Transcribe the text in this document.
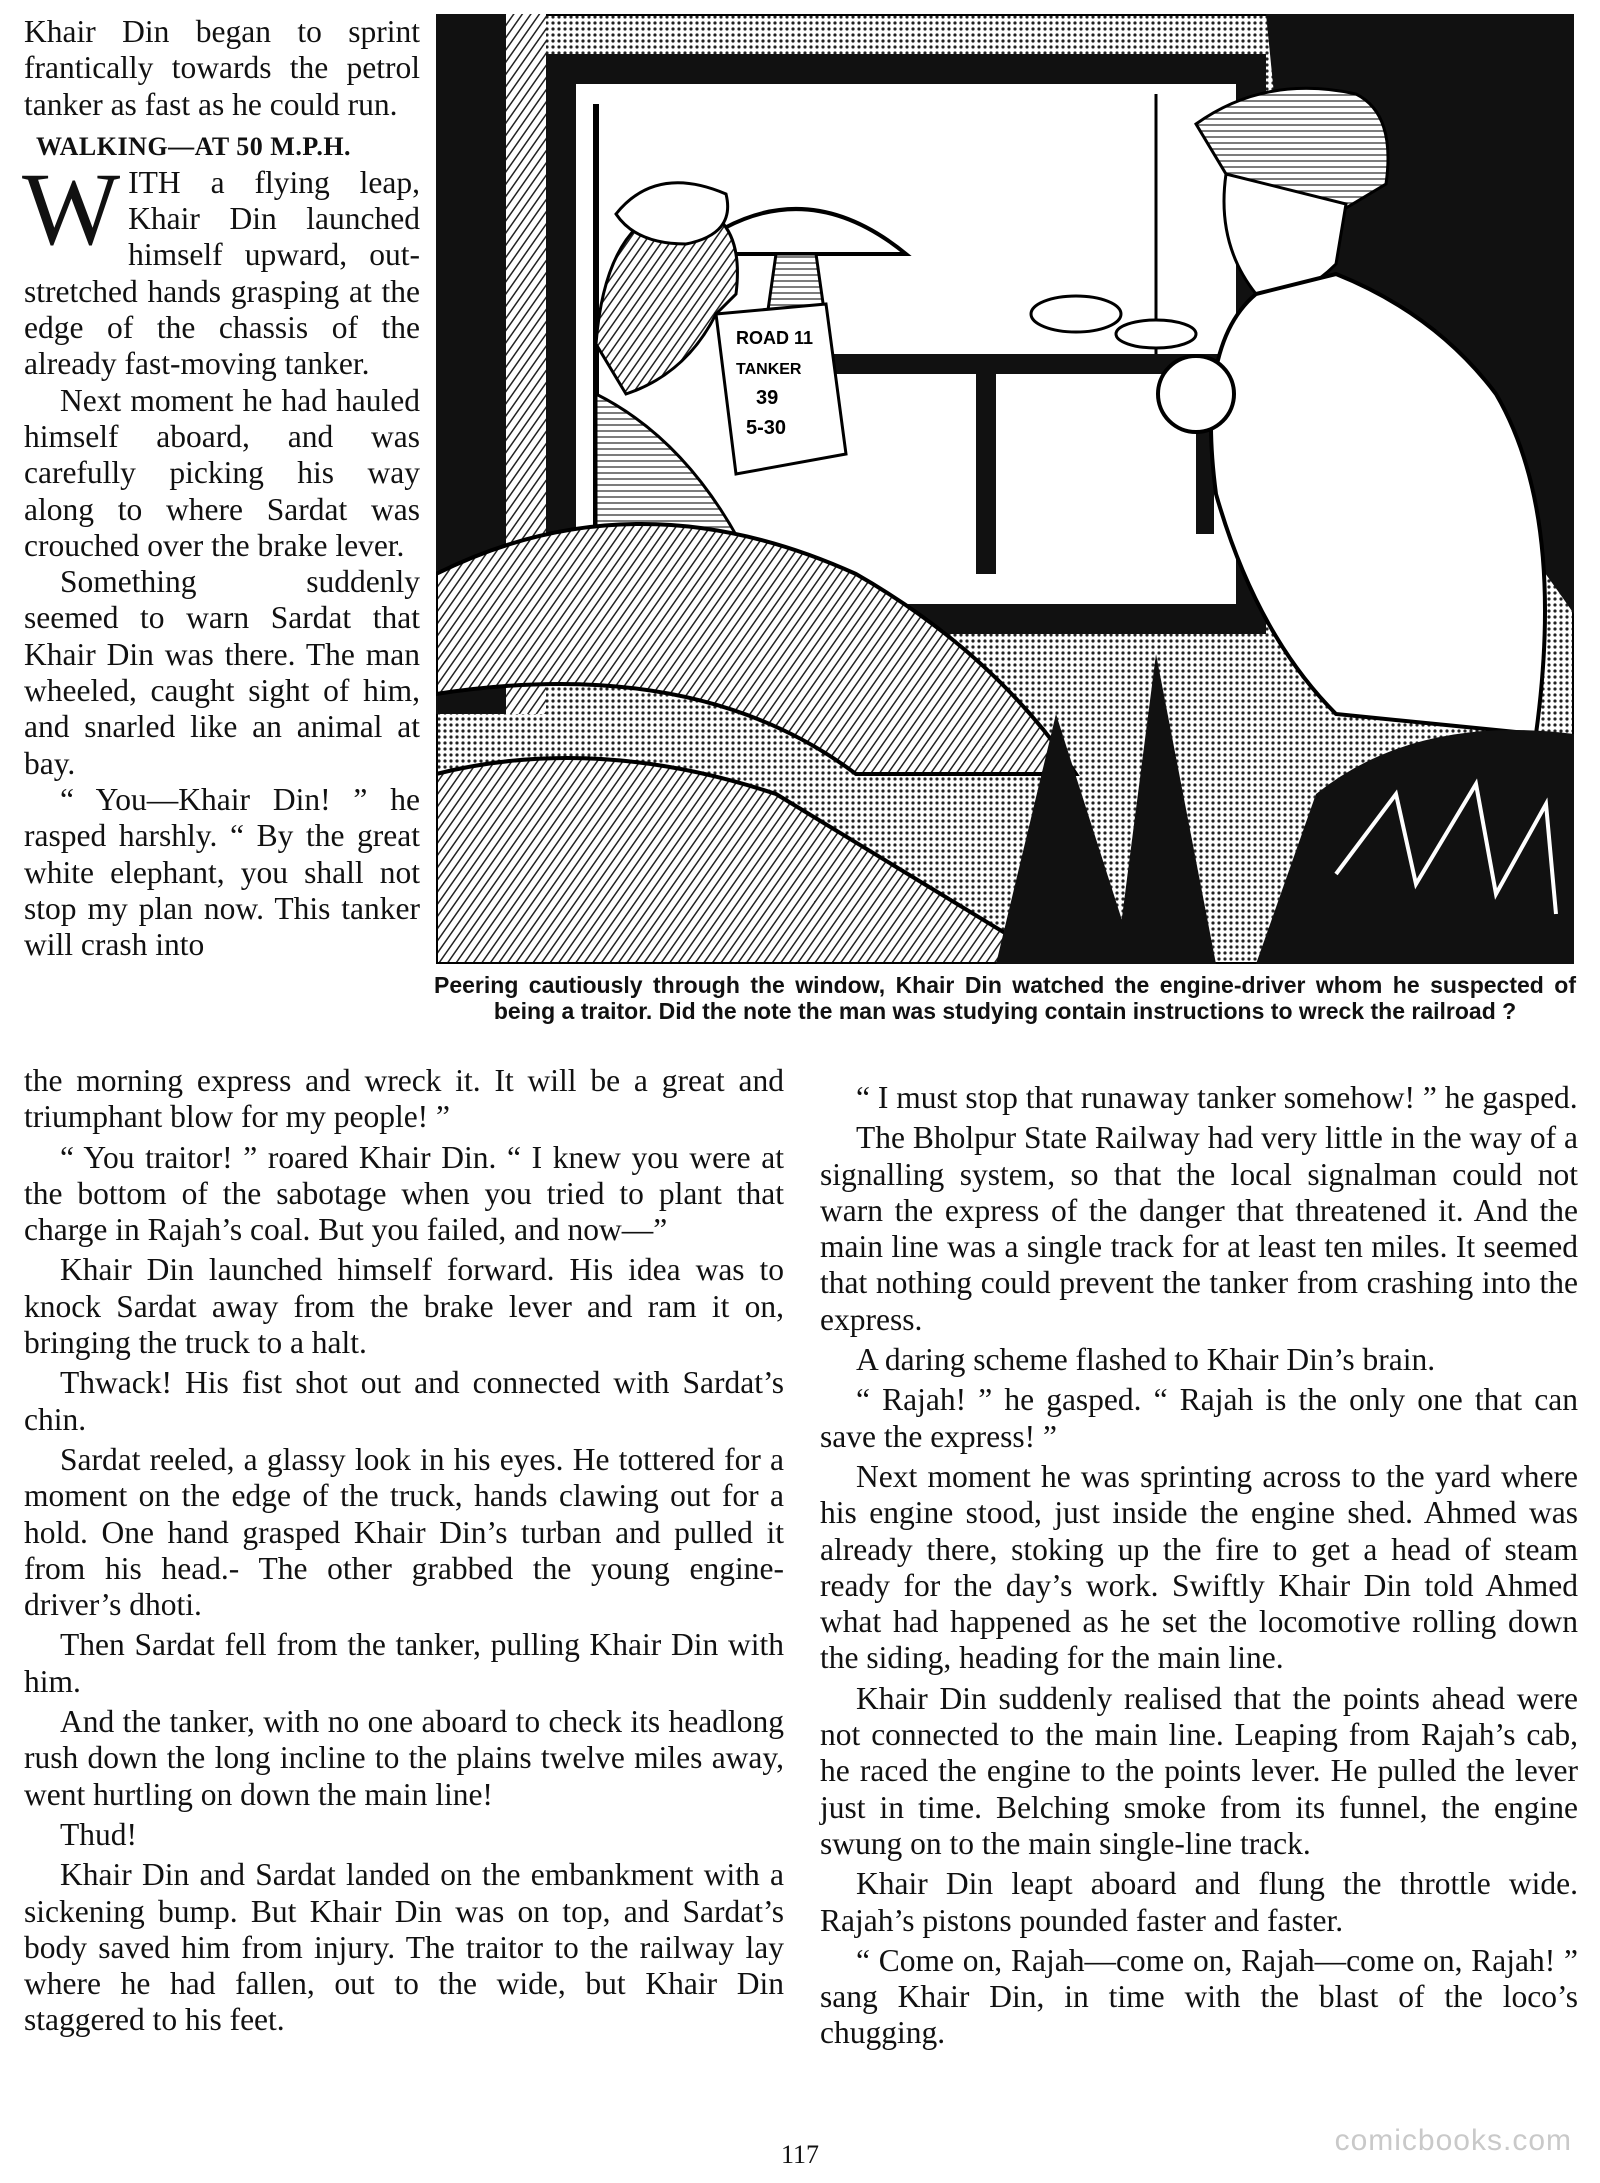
Khair Din began to sprint frantically towards the petrol tanker as fast as he could run.

WALKING—AT 50 M.P.H.

WITH a flying leap, Khair Din launched himself upward, out-stretched hands grasping at the edge of the chassis of the already fast-moving tanker.

Next moment he had hauled himself aboard, and was carefully picking his way along to where Sardat was crouched over the brake lever.

Something suddenly seemed to warn Sardat that Khair Din was there. The man wheeled, caught sight of him, and snarled like an animal at bay.

“ You—Khair Din! ” he rasped harshly. “ By the great white elephant, you shall not stop my plan now. This tanker will crash into

ROAD 11
TANKER
39
5-30
Peering cautiously through the window, Khair Din watched the engine-driver whom he suspected of being a traitor. Did the note the man was studying contain instructions to wreck the railroad ?

the morning express and wreck it. It will be a great and triumphant blow for my people! ”

“ You traitor! ” roared Khair Din. “ I knew you were at the bottom of the sabotage when you tried to plant that charge in Rajah’s coal. But you failed, and now—”

Khair Din launched himself forward. His idea was to knock Sardat away from the brake lever and ram it on, bringing the truck to a halt.

Thwack! His fist shot out and connected with Sardat’s chin.

Sardat reeled, a glassy look in his eyes. He tottered for a moment on the edge of the truck, hands clawing out for a hold. One hand grasped Khair Din’s turban and pulled it from his head.- The other grabbed the young engine-driver’s dhoti.

Then Sardat fell from the tanker, pulling Khair Din with him.

And the tanker, with no one aboard to check its headlong rush down the long incline to the plains twelve miles away, went hurtling on down the main line!

Thud!

Khair Din and Sardat landed on the embankment with a sickening bump. But Khair Din was on top, and Sardat’s body saved him from injury. The traitor to the railway lay where he had fallen, out to the wide, but Khair Din staggered to his feet.

“ I must stop that runaway tanker somehow! ” he gasped.

The Bholpur State Railway had very little in the way of a signalling system, so that the local signalman could not warn the express of the danger that threatened it. And the main line was a single track for at least ten miles. It seemed that nothing could prevent the tanker from crashing into the express.

A daring scheme flashed to Khair Din’s brain.

“ Rajah! ” he gasped. “ Rajah is the only one that can save the express! ”

Next moment he was sprinting across to the yard where his engine stood, just inside the engine shed. Ahmed was already there, stoking up the fire to get a head of steam ready for the day’s work. Swiftly Khair Din told Ahmed what had happened as he set the locomotive rolling down the siding, heading for the main line.

Khair Din suddenly realised that the points ahead were not connected to the main line. Leaping from Rajah’s cab, he raced the engine to the points lever. He pulled the lever just in time. Belching smoke from its funnel, the engine swung on to the main single-line track.

Khair Din leapt aboard and flung the throttle wide. Rajah’s pistons pounded faster and faster.

“ Come on, Rajah—come on, Rajah—come on, Rajah! ” sang Khair Din, in time with the blast of the loco’s chugging.

117	comicbooks.com
